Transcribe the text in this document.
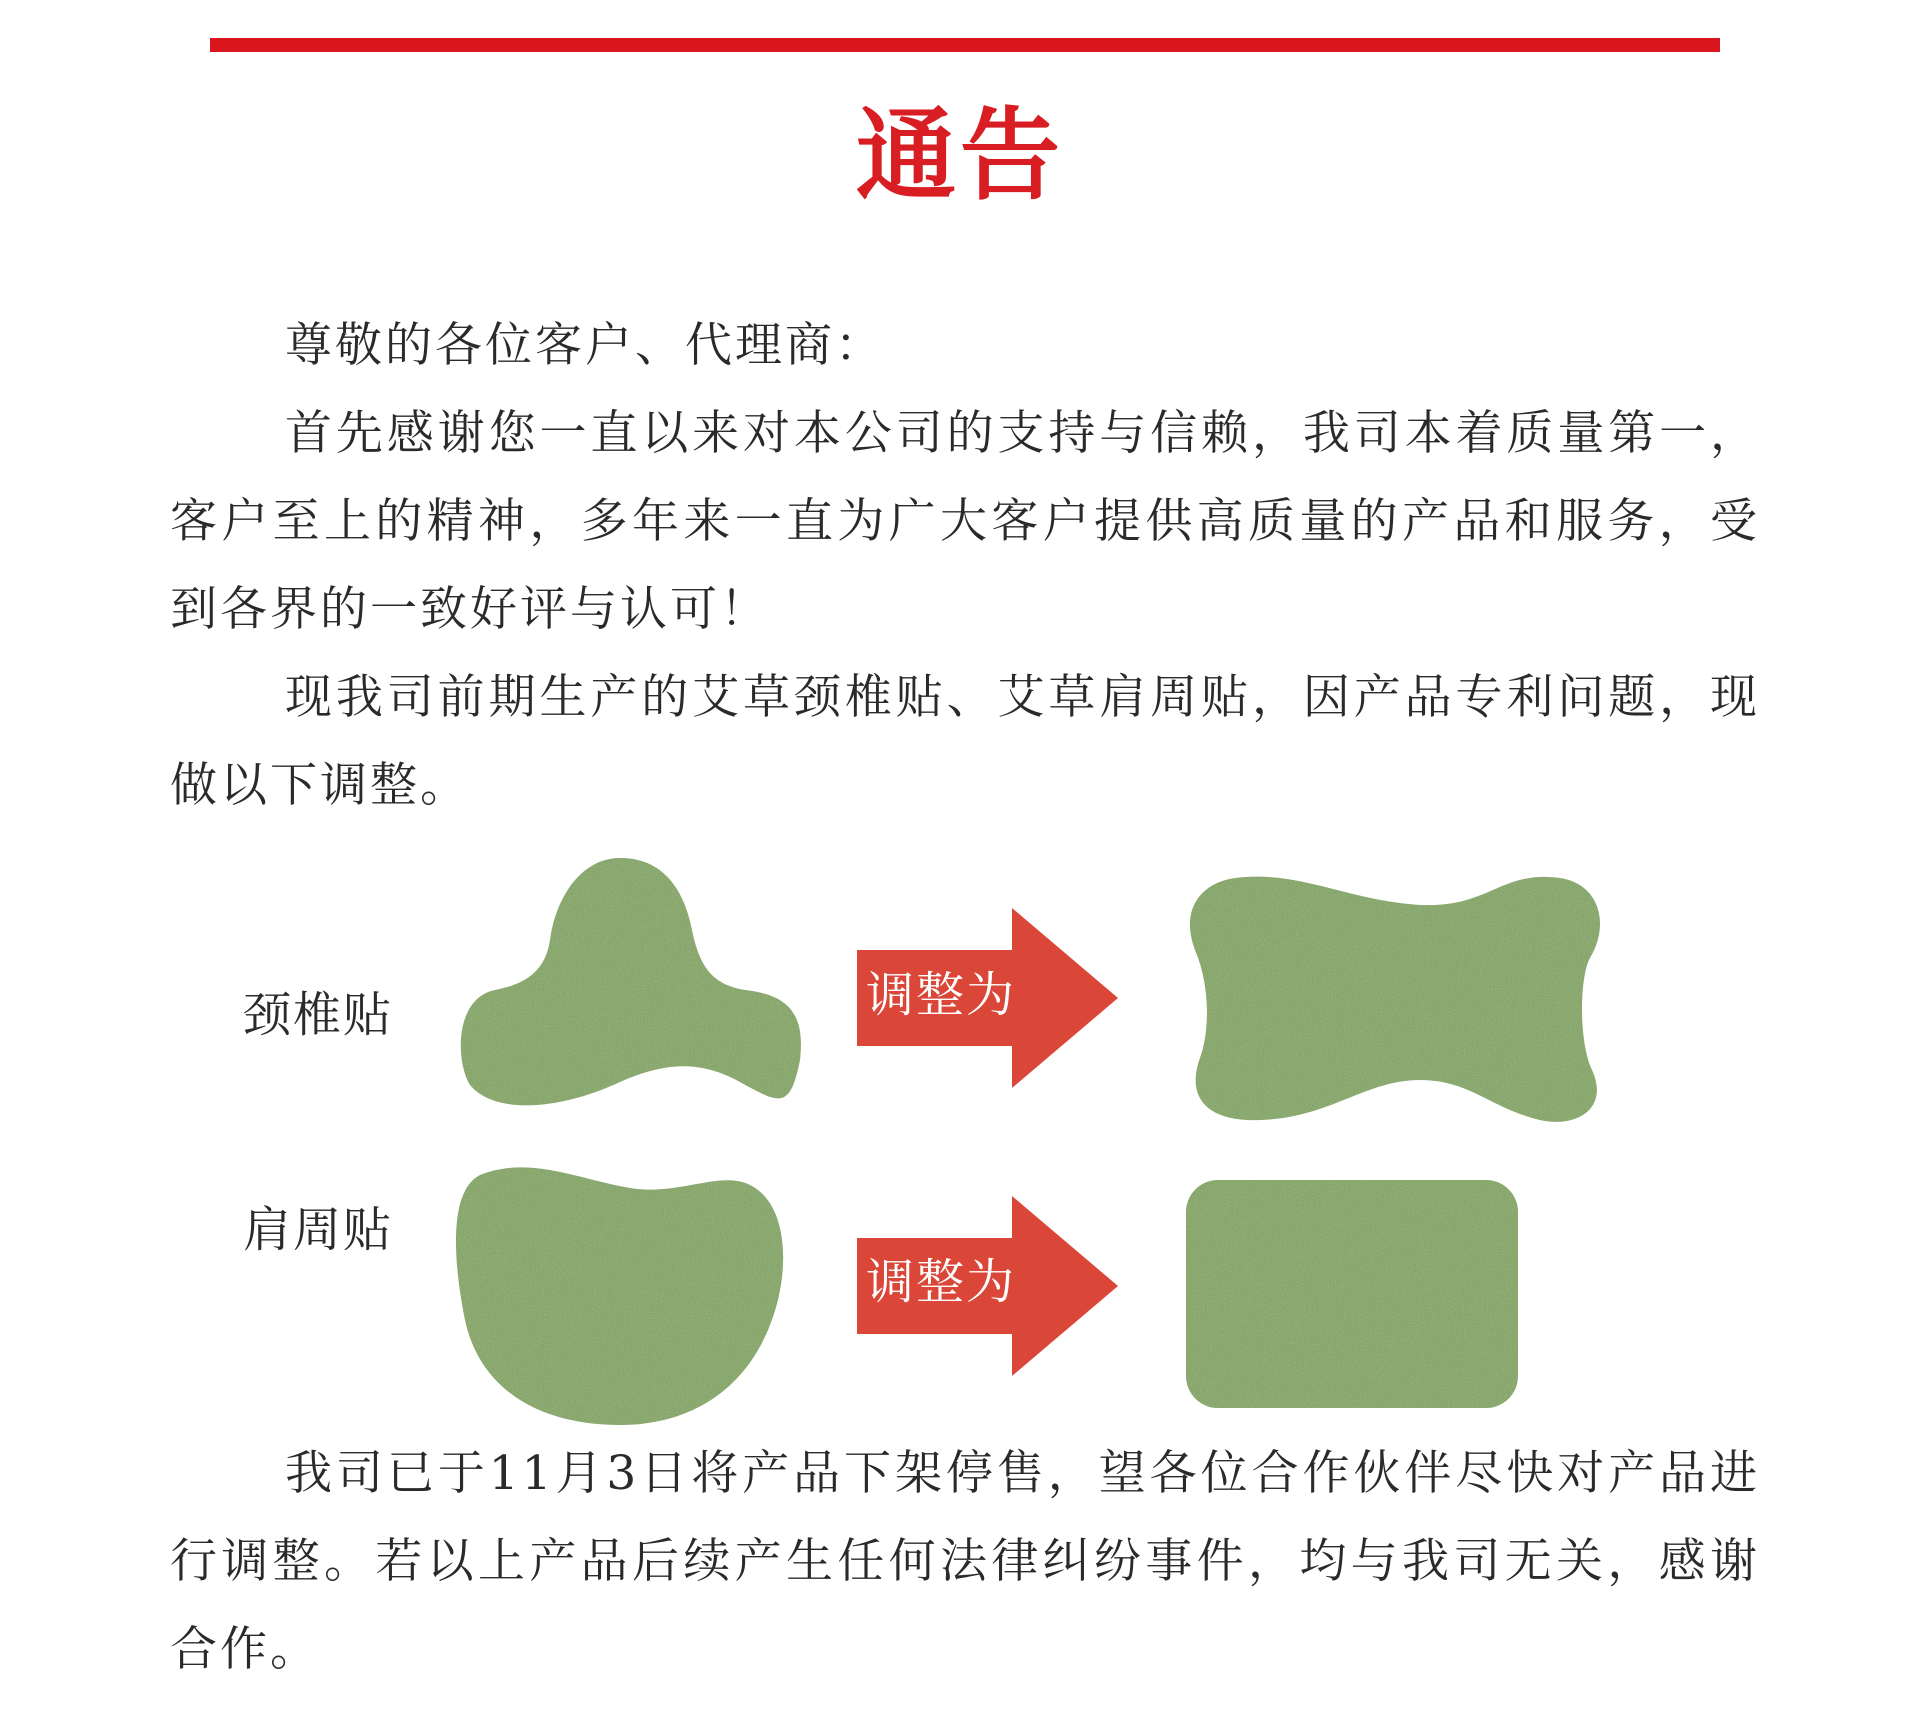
通告

尊敬的各位客户、代理商：

首先感谢您一直以来对本公司的支持与信赖，我司本着质量第一，客户至上的精神，多年来一直为广大客户提供高质量的产品和服务，受到各界的一致好评与认可！

现我司前期生产的艾草颈椎贴、艾草肩周贴，因产品专利问题，现做以下调整。

颈椎贴
肩周贴
调整为
调整为

我司已于11月3日将产品下架停售，望各位合作伙伴尽快对产品进行调整。若以上产品后续产生任何法律纠纷事件，均与我司无关，感谢合作。
